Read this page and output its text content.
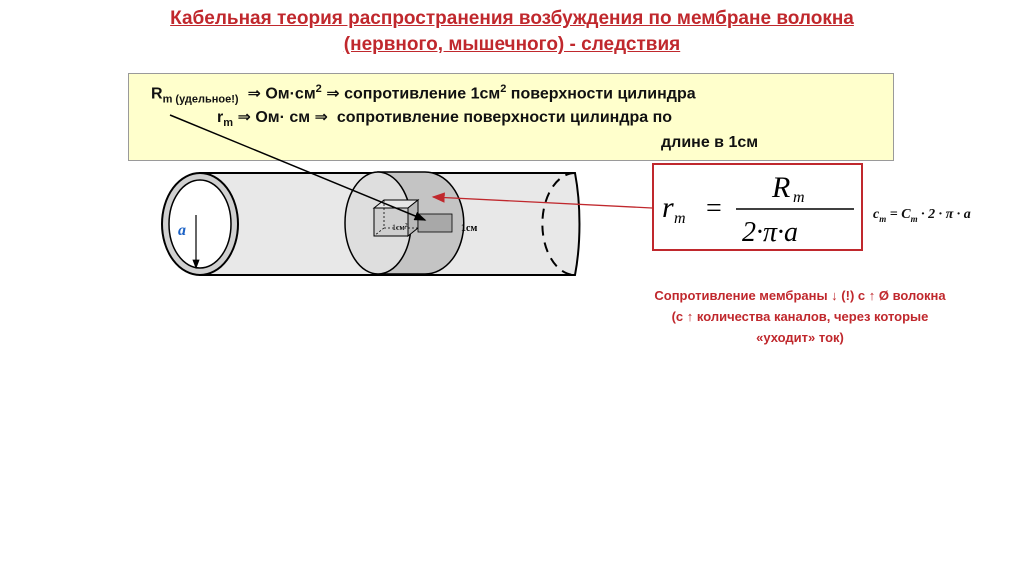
Кабельная теория распространения возбуждения по мембране волокна
(нервного, мышечного) - следствия
$R_{m (удельное!)}$ ⇒ $Ом\cdot см^2$ ⇒ сопротивление $1см^2$ поверхности цилиндра
$r_m$ ⇒ Ом· см ⇒ сопротивление поверхности цилиндра по
длине в 1см
a	$1см^2$	1см
r m =
R m
2·π·a
$c_m = C_m \cdot 2 \cdot \pi \cdot a$
Сопротивление мембраны ↓ (!) с ↑ Ø волокна
(с ↑ количества каналов, через которые
«уходит» ток)
